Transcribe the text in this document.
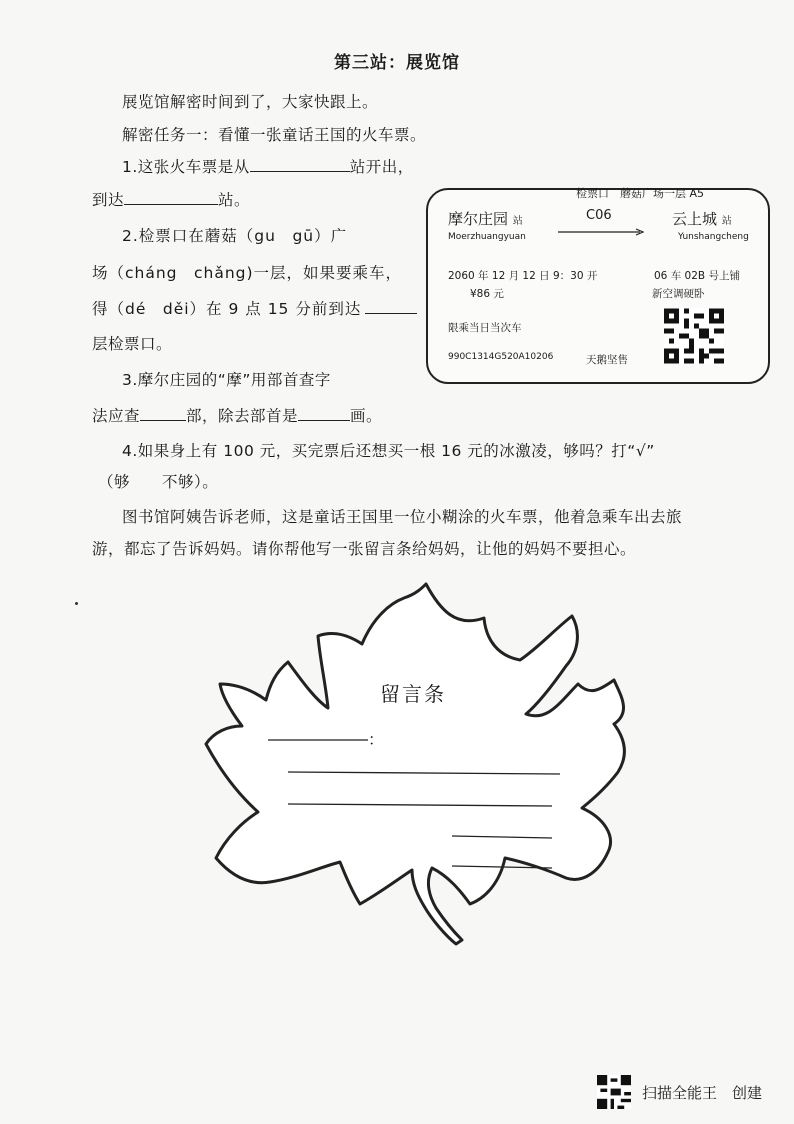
第三站：展览馆
展览馆解密时间到了，大家快跟上。
解密任务一：看懂一张童话王国的火车票。
1.这张火车票是从	站开出，
到达	站。
2.检票口在蘑菇（gu　gū）广
场（cháng　chǎng)一层，如果要乘车，
得（dé　děi）在 9 点 15 分前到达
层检票口。
3.摩尔庄园的“摩”用部首查字
法应查	部，除去部首是	画。
4.如果身上有 100 元，买完票后还想买一根 16 元的冰激凌，够吗？打“√”
（够　　不够）。
图书馆阿姨告诉老师，这是童话王国里一位小糊涂的火车票，他着急乘车出去旅
游，都忘了告诉妈妈。请你帮他写一张留言条给妈妈，让他的妈妈不要担心。
检票口　蘑菇广场一层 A5
摩尔庄园 站	C06	云上城 站
Moerzhuangyuan	Yunshangcheng
2060 年 12 月 12 日 9：30 开
¥86 元
06 车 02B 号上铺
新空调硬卧
限乘当日当次车
990C1314G520A10206	天鹅坚售
留言条
：
扫描全能王　创建
